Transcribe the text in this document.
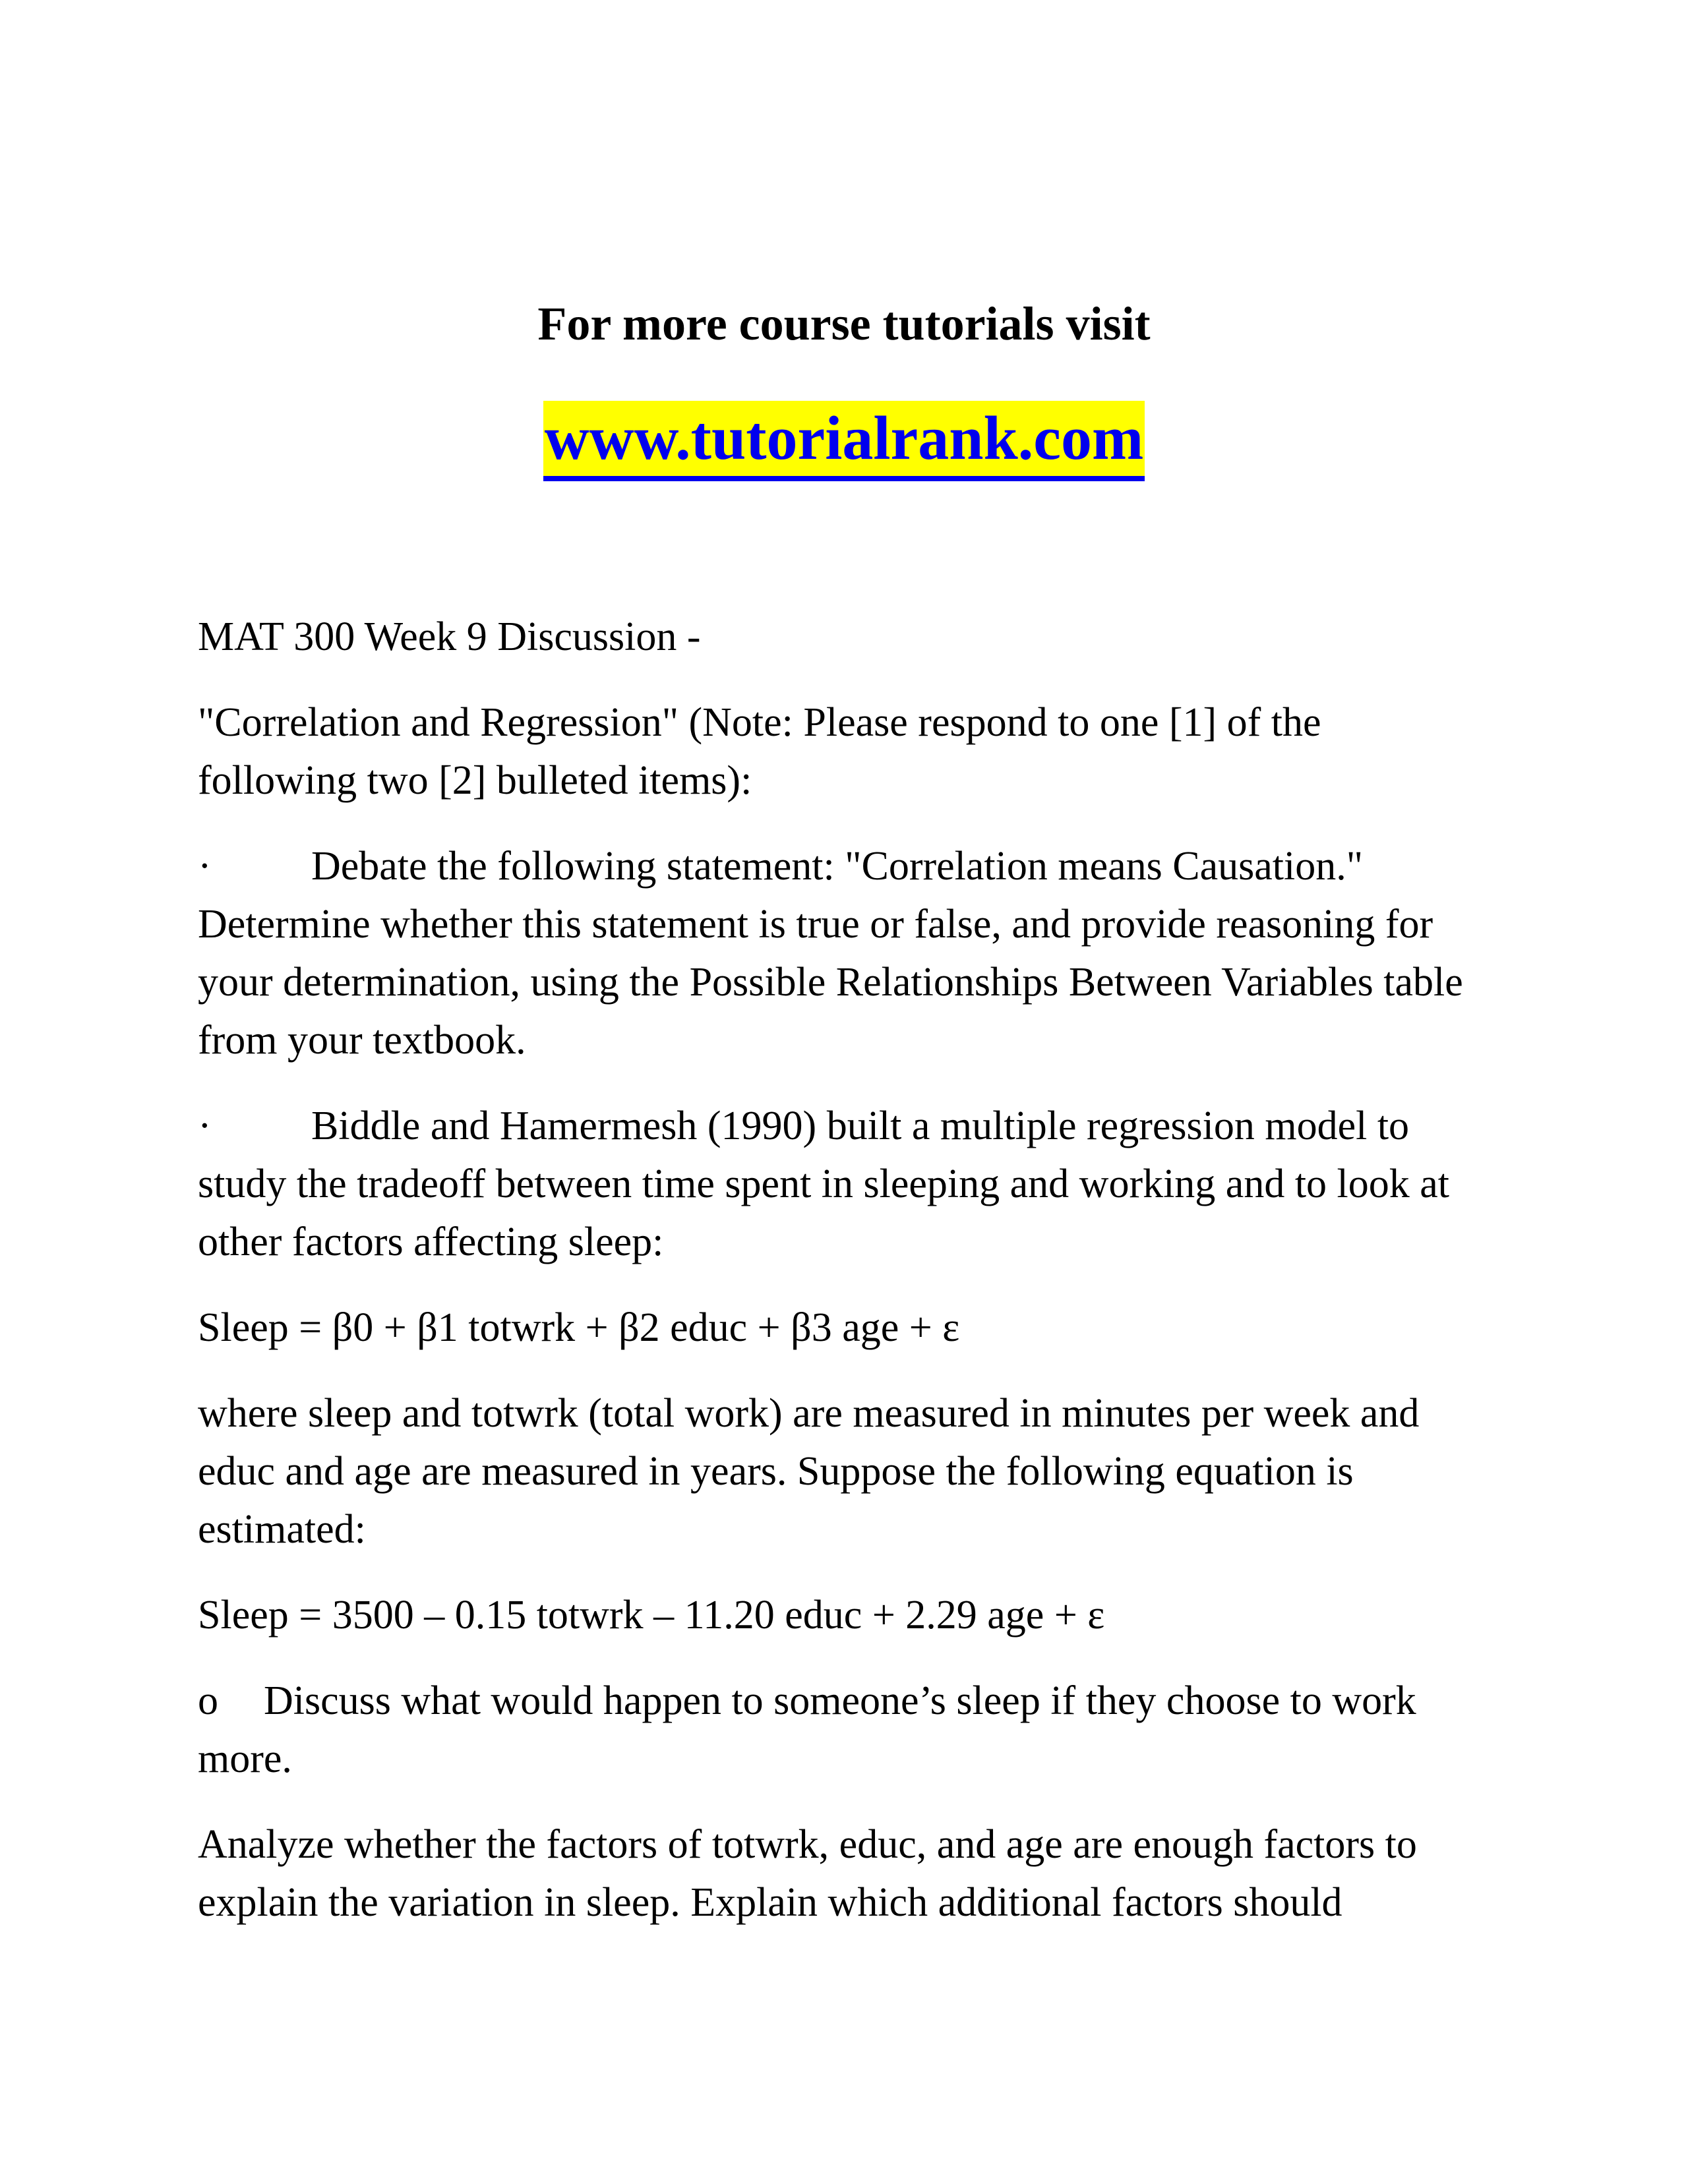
For more course tutorials visit
www.tutorialrank.com

MAT 300 Week 9 Discussion -

"Correlation and Regression" (Note: Please respond to one [1] of the following two [2] bulleted items):

· Debate the following statement: "Correlation means Causation." Determine whether this statement is true or false, and provide reasoning for your determination, using the Possible Relationships Between Variables table from your textbook.

· Biddle and Hamermesh (1990) built a multiple regression model to study the tradeoff between time spent in sleeping and working and to look at other factors affecting sleep:

Sleep = β0 + β1 totwrk + β2 educ + β3 age + ε

where sleep and totwrk (total work) are measured in minutes per week and educ and age are measured in years. Suppose the following equation is estimated:

Sleep = 3500 – 0.15 totwrk – 11.20 educ + 2.29 age + ε

o Discuss what would happen to someone’s sleep if they choose to work more.

Analyze whether the factors of totwrk, educ, and age are enough factors to explain the variation in sleep. Explain which additional factors should
